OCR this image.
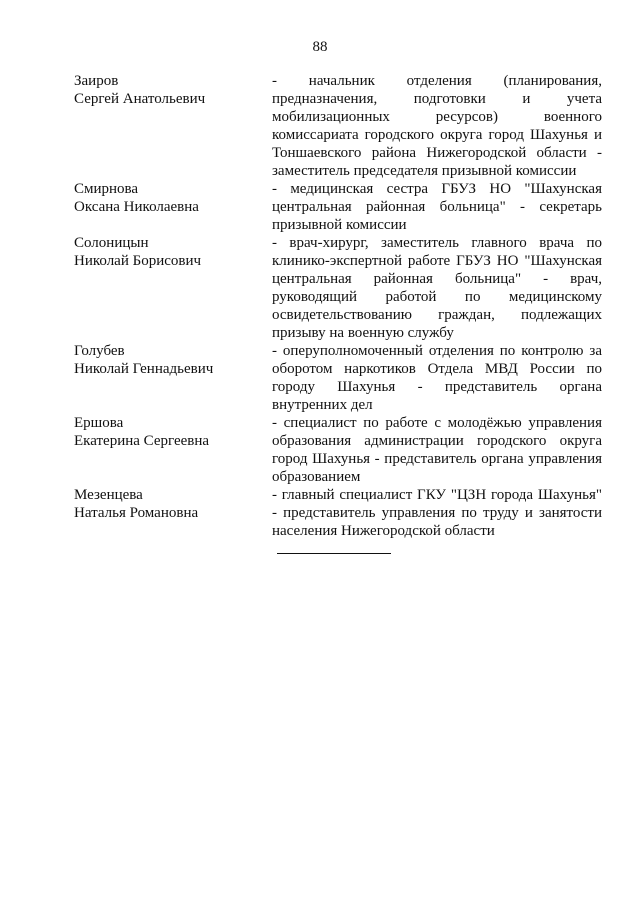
88
Заиров
Сергей Анатольевич
- начальник отделения (планирования, предназначения, подготовки и учета мобилизационных ресурсов) военного комиссариата городского округа город Шахунья и Тоншаевского района Нижегородской области - заместитель председателя призывной комиссии
Смирнова
Оксана Николаевна
- медицинская сестра ГБУЗ НО "Шахунская центральная районная больница" - секретарь призывной комиссии
Солоницын
Николай Борисович
- врач-хирург, заместитель главного врача по клинико-экспертной работе ГБУЗ НО "Шахунская центральная районная больница" - врач, руководящий работой по медицинскому освидетельствованию граждан, подлежащих призыву на военную службу
Голубев
Николай Геннадьевич
- оперуполномоченный отделения по контролю за оборотом наркотиков Отдела МВД России по городу Шахунья - представитель органа внутренних дел
Ершова
Екатерина Сергеевна
- специалист по работе с молодёжью управления образования администрации городского округа город Шахунья - представитель органа управления образованием
Мезенцева
Наталья Романовна
- главный специалист ГКУ "ЦЗН города Шахунья" - представитель управления по труду и занятости населения Нижегородской области
